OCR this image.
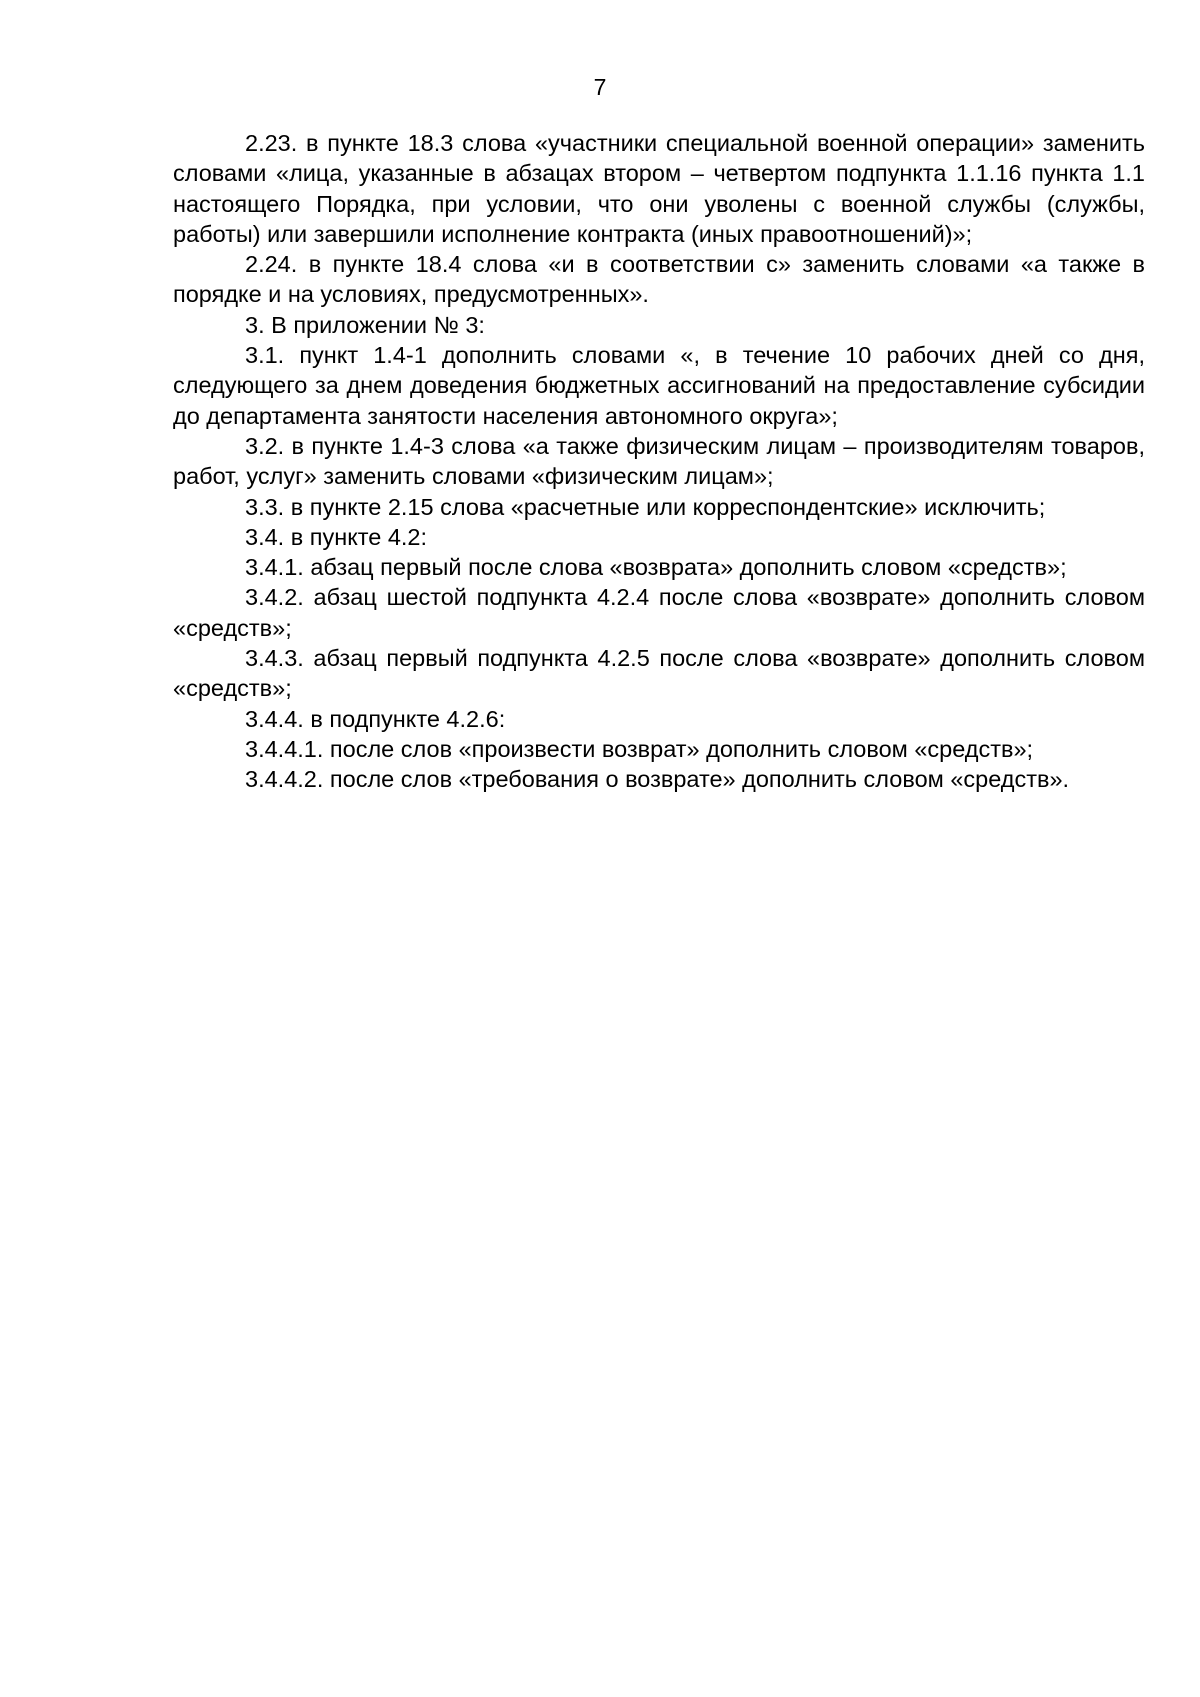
7

2.23. в пункте 18.3 слова «участники специальной военной операции» заменить словами «лица, указанные в абзацах втором – четвертом подпункта 1.1.16 пункта 1.1 настоящего Порядка, при условии, что они уволены с военной службы (службы, работы) или завершили исполнение контракта (иных правоотношений)»;

2.24. в пункте 18.4 слова «и в соответствии с» заменить словами «а также в порядке и на условиях, предусмотренных».

3. В приложении № 3:

3.1. пункт 1.4-1 дополнить словами «, в течение 10 рабочих дней со дня, следующего за днем доведения бюджетных ассигнований на предоставление субсидии до департамента занятости населения автономного округа»;

3.2. в пункте 1.4-3 слова «а также физическим лицам – производителям товаров, работ, услуг» заменить словами «физическим лицам»;

3.3. в пункте 2.15 слова «расчетные или корреспондентские» исключить;

3.4. в пункте 4.2:

3.4.1. абзац первый после слова «возврата» дополнить словом «средств»;

3.4.2. абзац шестой подпункта 4.2.4 после слова «возврате» дополнить словом «средств»;

3.4.3. абзац первый подпункта 4.2.5 после слова «возврате» дополнить словом «средств»;

3.4.4. в подпункте 4.2.6:

3.4.4.1. после слов «произвести возврат» дополнить словом «средств»;

3.4.4.2. после слов «требования о возврате» дополнить словом «средств».
